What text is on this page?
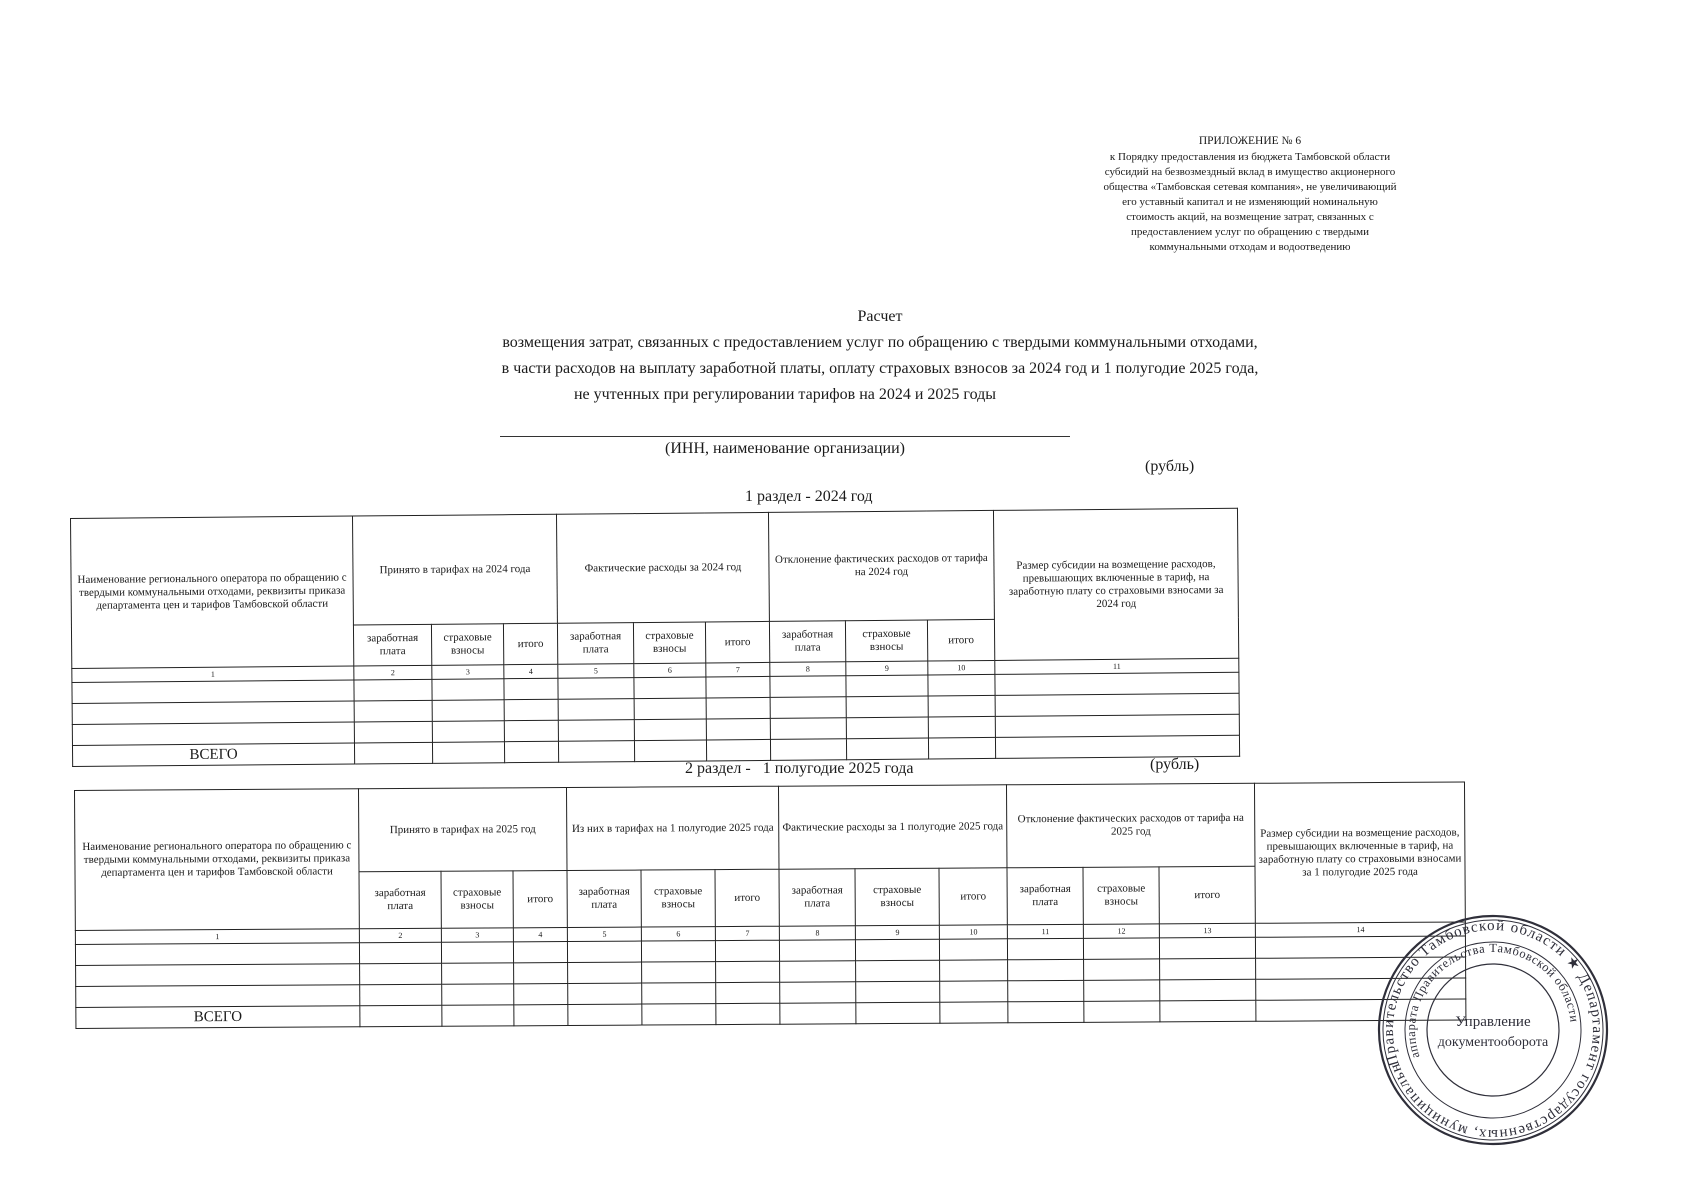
ПРИЛОЖЕНИЕ № 6
к Порядку предоставления из бюджета Тамбовской области
субсидий на безвозмездный вклад в имущество акционерного
общества «Тамбовская сетевая компания», не увеличивающий
его уставный капитал и не изменяющий номинальную
стоимость акций, на возмещение затрат, связанных с
предоставлением услуг по обращению с твердыми
коммунальными отходам и водоотведению
Расчет
возмещения затрат, связанных с предоставлением услуг по обращению с твердыми коммунальными отходами,
в части расходов на выплату заработной платы, оплату страховых взносов за 2024 год и 1 полугодие 2025 года,
не учтенных при регулировании тарифов на 2024 и 2025 годы
(ИНН, наименование организации)
(рубль)
1 раздел - 2024 год
Наименование регионального оператора по обращению с твердыми коммунальными отходами, реквизиты приказа департамента цен и тарифов Тамбовской области	Принято в тарифах на 2024 года			Фактические расходы за 2024 год			Отклонение фактических расходов от тарифа на 2024 год			Размер субсидии на возмещение расходов, превышающих включенные в тариф, на заработную плату со страховыми взносами за 2024 год
	заработная плата	страховые взносы	итого	заработная плата	страховые взносы	итого	заработная плата	страховые взносы	итого	
1	2	3	4	5	6	7	8	9	10	11

ВСЕГО										
2 раздел -   1 полугодие 2025 года	(рубль)
Наименование регионального оператора по обращению с твердыми коммунальными отходами, реквизиты приказа департамента цен и тарифов Тамбовской области	Принято в тарифах на 2025 год			Из них в тарифах на 1 полугодие 2025 года			Фактические расходы за 1 полугодие 2025 года			Отклонение фактических расходов от тарифа на 2025 год			Размер субсидии на возмещение расходов, превышающих включенные в тариф, на заработную плату со страховыми взносами за 1 полугодие 2025 года
	заработная плата	страховые взносы	итого	заработная плата	страховые взносы	итого	заработная плата	страховые взносы	итого	заработная плата	страховые взносы	итого	
1	2	3	4	5	6	7	8	9	10	11	12	13	14

ВСЕГО													
Правительство Тамбовской области ★ Департамент государственных, муниципальных
аппарата Правительства Тамбовской области
Управление
документооборота
